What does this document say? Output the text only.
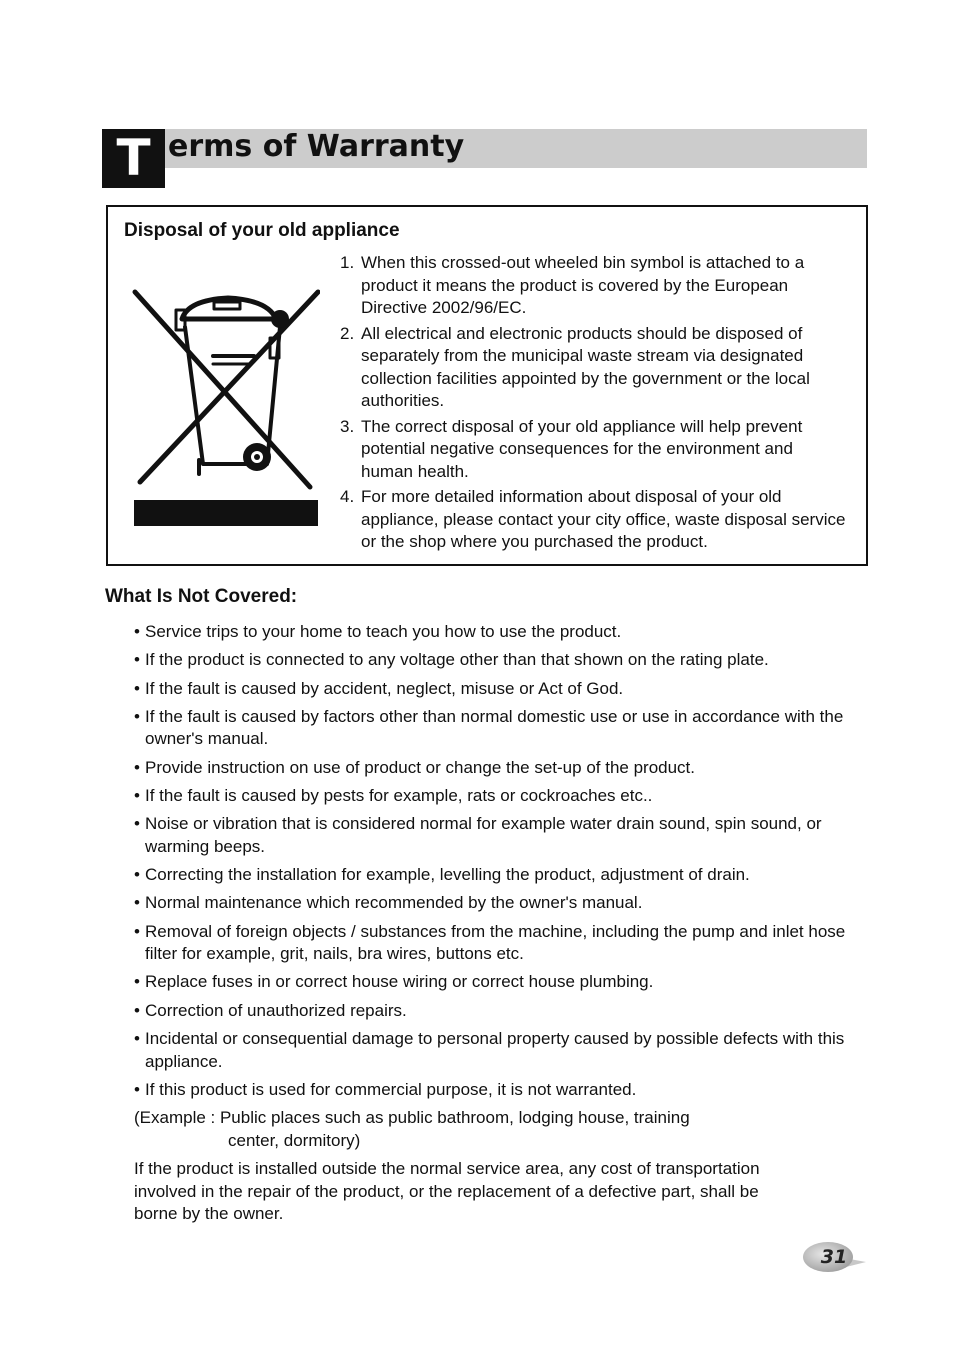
T erms of Warranty
Disposal of your old appliance
1. When this crossed-out wheeled bin symbol is attached to a product it means the product is covered by the European Directive 2002/96/EC.
2. All electrical and electronic products should be disposed of separately from the municipal waste stream via designated collection facilities appointed by the government or the local authorities.
3. The correct disposal of your old appliance will help prevent potential negative consequences for the environment and human health.
4. For more detailed information about disposal of your old appliance, please contact your city office, waste disposal service or the shop where you purchased the product.
What Is Not Covered:
• Service trips to your home to teach you how to use the product.
• If the product is connected to any voltage other than that shown on the rating plate.
• If the fault is caused by accident, neglect, misuse or Act of God.
• If the fault is caused by factors other than normal domestic use or use in accordance with the owner's manual.
• Provide instruction on use of product or change the set-up of the product.
• If the fault is caused by pests for example, rats or cockroaches etc..
• Noise or vibration that is considered normal for example water drain sound, spin sound, or warming beeps.
• Correcting the installation for example, levelling the product, adjustment of drain.
• Normal maintenance which recommended by the owner's manual.
• Removal of foreign objects / substances from the machine, including the pump and inlet hose filter for example, grit, nails, bra wires, buttons etc.
• Replace fuses in or correct house wiring or correct house plumbing.
• Correction of unauthorized repairs.
• Incidental or consequential damage to personal property caused by possible defects with this appliance.
• If this product is used for commercial purpose, it is not warranted.
(Example : Public places such as public bathroom, lodging house, training
center, dormitory)
If the product is installed outside the normal service area, any cost of transportation involved in the repair of the product, or the replacement of a defective part, shall be borne by the owner.
31
